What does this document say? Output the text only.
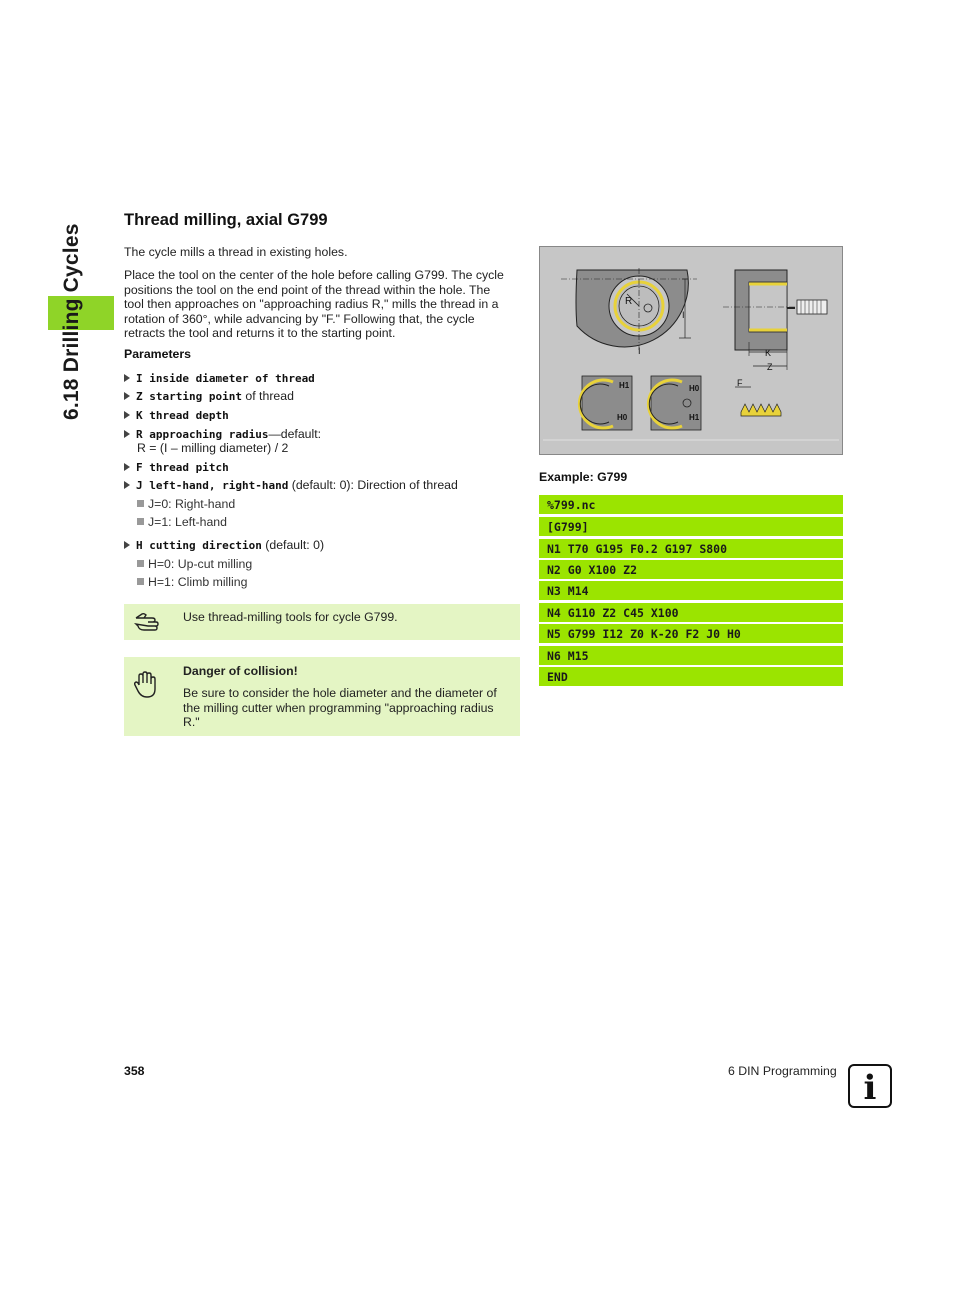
6.18 Drilling Cycles
Thread milling, axial G799
The cycle mills a thread in existing holes.
Place the tool on the center of the hole before calling G799. The cycle
positions the tool on the end point of the thread within the hole. The
tool then approaches on "approaching radius R," mills the thread in a
rotation of 360°, while advancing by "F." Following that, the cycle
retracts the tool and returns it to the starting point.
Parameters
I inside diameter of thread
Z starting point of thread
K thread depth
R approaching radius—default:
R = (I – milling diameter) / 2
F thread pitch
J left-hand, right-hand (default: 0): Direction of thread
J=0: Right-hand
J=1: Left-hand
H cutting direction (default: 0)
H=0: Up-cut milling
H=1: Climb milling
Use thread-milling tools for cycle G799.
Danger of collision!
Be sure to consider the hole diameter and the diameter of
the milling cutter when programming "approaching radius
R."
R
I
I	K
Z
H1
H0
H0
H1
F
Example: G799
%799.nc
[G799]
N1 T70 G195 F0.2 G197 S800
N2 G0 X100 Z2
N3 M14
N4 G110 Z2 C45 X100
N5 G799 I12 Z0 K-20 F2 J0 H0
N6 M15
END
358	6 DIN Programming i
